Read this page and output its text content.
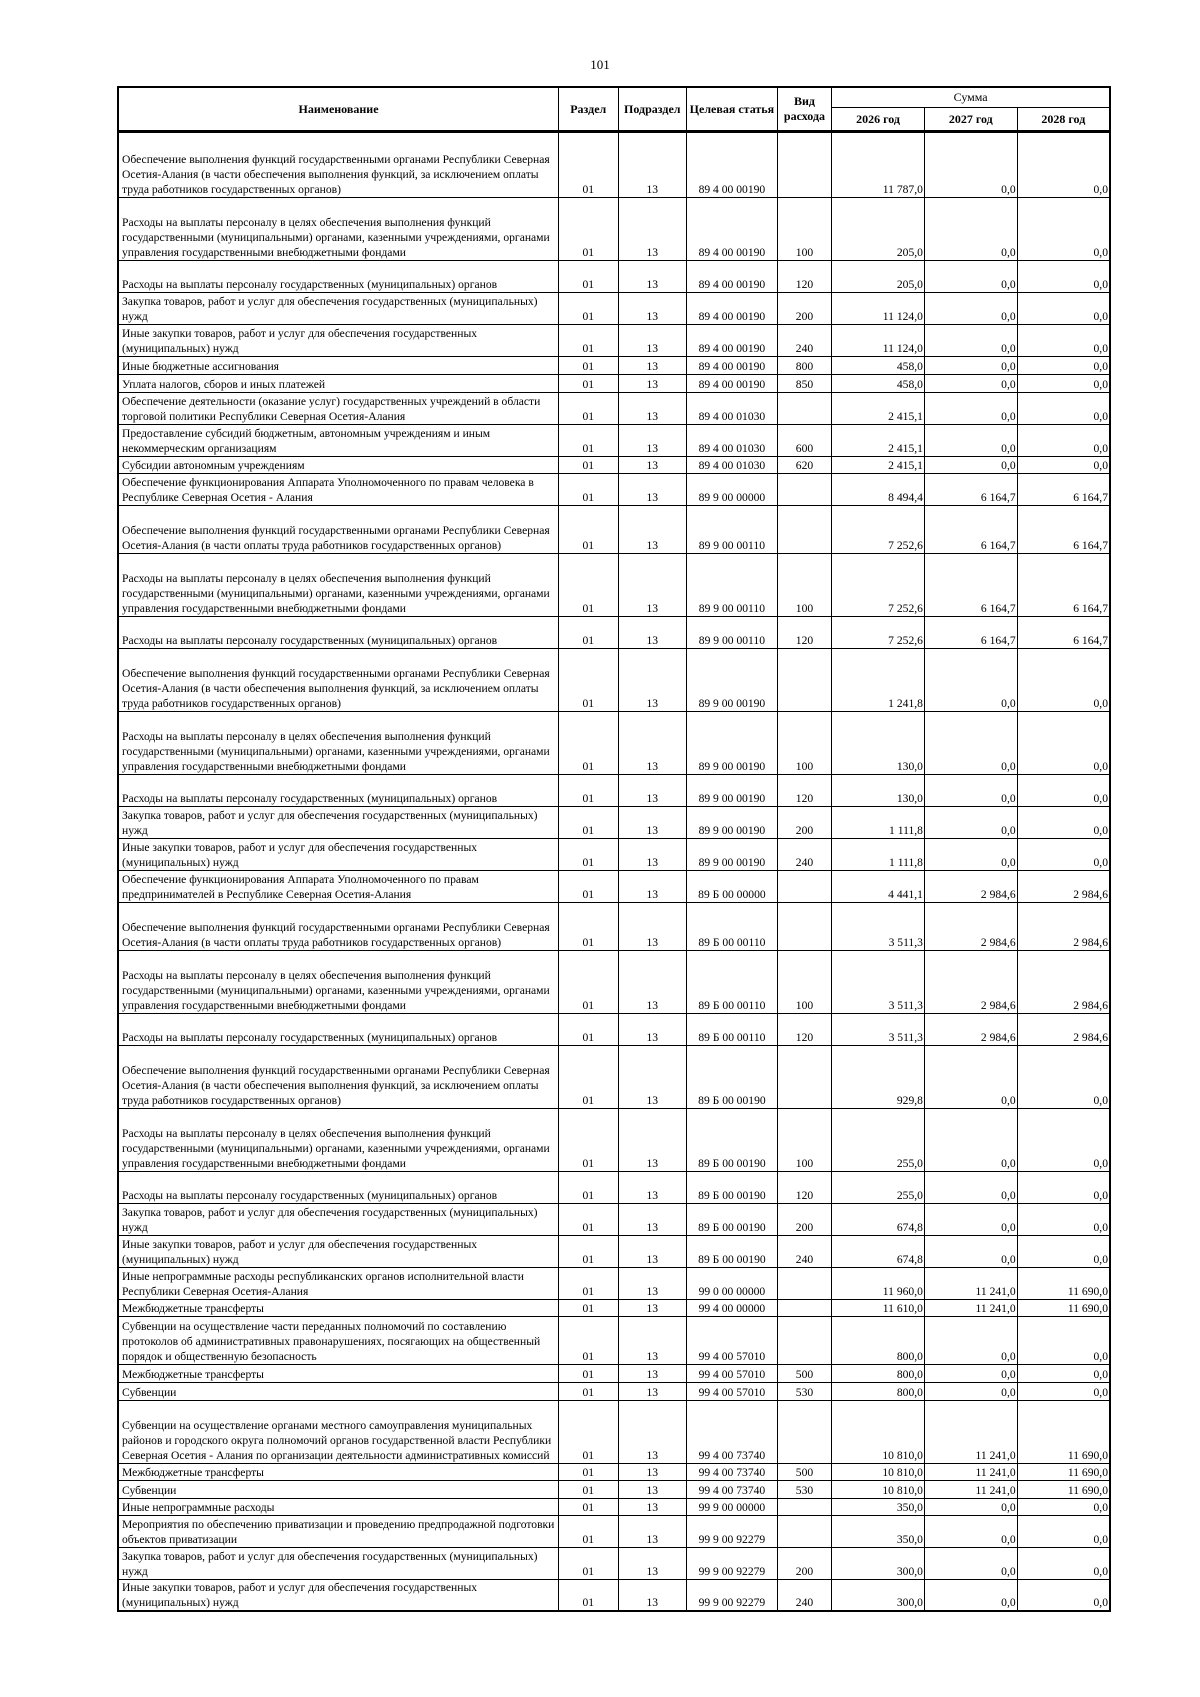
101
Наименование	Раздел	Подраздел	Целевая статья	Вид расхода	Сумма		
					2026 год	2027 год	2028 год
Обеспечение выполнения функций государственными органами Республики Северная Осетия-Алания (в части обеспечения выполнения функций, за исключением оплаты труда работников государственных органов)	01	13	89 4 00 00190		11 787,0	0,0	0,0
Расходы на выплаты персоналу в целях обеспечения выполнения функций государственными (муниципальными) органами, казенными учреждениями, органами управления государственными внебюджетными фондами	01	13	89 4 00 00190	100	205,0	0,0	0,0
Расходы на выплаты персоналу государственных (муниципальных) органов	01	13	89 4 00 00190	120	205,0	0,0	0,0
Закупка товаров, работ и услуг для обеспечения государственных (муниципальных) нужд	01	13	89 4 00 00190	200	11 124,0	0,0	0,0
Иные закупки товаров, работ и услуг для обеспечения государственных (муниципальных) нужд	01	13	89 4 00 00190	240	11 124,0	0,0	0,0
Иные бюджетные ассигнования	01	13	89 4 00 00190	800	458,0	0,0	0,0
Уплата налогов, сборов и иных платежей	01	13	89 4 00 00190	850	458,0	0,0	0,0
Обеспечение деятельности (оказание услуг) государственных учреждений в области торговой политики Республики Северная Осетия-Алания	01	13	89 4 00 01030		2 415,1	0,0	0,0
Предоставление субсидий бюджетным, автономным учреждениям и иным некоммерческим организациям	01	13	89 4 00 01030	600	2 415,1	0,0	0,0
Субсидии автономным учреждениям	01	13	89 4 00 01030	620	2 415,1	0,0	0,0
Обеспечение функционирования Аппарата Уполномоченного по правам человека в Республике Северная Осетия - Алания	01	13	89 9 00 00000		8 494,4	6 164,7	6 164,7
Обеспечение выполнения функций государственными органами Республики Северная Осетия-Алания (в части оплаты труда работников государственных органов)	01	13	89 9 00 00110		7 252,6	6 164,7	6 164,7
Расходы на выплаты персоналу в целях обеспечения выполнения функций государственными (муниципальными) органами, казенными учреждениями, органами управления государственными внебюджетными фондами	01	13	89 9 00 00110	100	7 252,6	6 164,7	6 164,7
Расходы на выплаты персоналу государственных (муниципальных) органов	01	13	89 9 00 00110	120	7 252,6	6 164,7	6 164,7
Обеспечение выполнения функций государственными органами Республики Северная Осетия-Алания (в части обеспечения выполнения функций, за исключением оплаты труда работников государственных органов)	01	13	89 9 00 00190		1 241,8	0,0	0,0
Расходы на выплаты персоналу в целях обеспечения выполнения функций государственными (муниципальными) органами, казенными учреждениями, органами управления государственными внебюджетными фондами	01	13	89 9 00 00190	100	130,0	0,0	0,0
Расходы на выплаты персоналу государственных (муниципальных) органов	01	13	89 9 00 00190	120	130,0	0,0	0,0
Закупка товаров, работ и услуг для обеспечения государственных (муниципальных) нужд	01	13	89 9 00 00190	200	1 111,8	0,0	0,0
Иные закупки товаров, работ и услуг для обеспечения государственных (муниципальных) нужд	01	13	89 9 00 00190	240	1 111,8	0,0	0,0
Обеспечение функционирования Аппарата Уполномоченного по правам предпринимателей в Республике Северная Осетия-Алания	01	13	89 Б 00 00000		4 441,1	2 984,6	2 984,6
Обеспечение выполнения функций государственными органами Республики Северная Осетия-Алания (в части оплаты труда работников государственных органов)	01	13	89 Б 00 00110		3 511,3	2 984,6	2 984,6
Расходы на выплаты персоналу в целях обеспечения выполнения функций государственными (муниципальными) органами, казенными учреждениями, органами управления государственными внебюджетными фондами	01	13	89 Б 00 00110	100	3 511,3	2 984,6	2 984,6
Расходы на выплаты персоналу государственных (муниципальных) органов	01	13	89 Б 00 00110	120	3 511,3	2 984,6	2 984,6
Обеспечение выполнения функций государственными органами Республики Северная Осетия-Алания (в части обеспечения выполнения функций, за исключением оплаты труда работников государственных органов)	01	13	89 Б 00 00190		929,8	0,0	0,0
Расходы на выплаты персоналу в целях обеспечения выполнения функций государственными (муниципальными) органами, казенными учреждениями, органами управления государственными внебюджетными фондами	01	13	89 Б 00 00190	100	255,0	0,0	0,0
Расходы на выплаты персоналу государственных (муниципальных) органов	01	13	89 Б 00 00190	120	255,0	0,0	0,0
Закупка товаров, работ и услуг для обеспечения государственных (муниципальных) нужд	01	13	89 Б 00 00190	200	674,8	0,0	0,0
Иные закупки товаров, работ и услуг для обеспечения государственных (муниципальных) нужд	01	13	89 Б 00 00190	240	674,8	0,0	0,0
Иные непрограммные расходы республиканских органов исполнительной власти Республики Северная Осетия-Алания	01	13	99 0 00 00000		11 960,0	11 241,0	11 690,0
Межбюджетные трансферты	01	13	99 4 00 00000		11 610,0	11 241,0	11 690,0
Субвенции на осуществление части переданных полномочий по составлению протоколов об административных правонарушениях, посягающих на общественный порядок и общественную безопасность	01	13	99 4 00 57010		800,0	0,0	0,0
Межбюджетные трансферты	01	13	99 4 00 57010	500	800,0	0,0	0,0
Субвенции	01	13	99 4 00 57010	530	800,0	0,0	0,0
Субвенции на осуществление органами местного самоуправления муниципальных районов и городского округа полномочий органов государственной власти Республики Северная Осетия - Алания по организации деятельности административных комиссий	01	13	99 4 00 73740		10 810,0	11 241,0	11 690,0
Межбюджетные трансферты	01	13	99 4 00 73740	500	10 810,0	11 241,0	11 690,0
Субвенции	01	13	99 4 00 73740	530	10 810,0	11 241,0	11 690,0
Иные непрограммные расходы	01	13	99 9 00 00000		350,0	0,0	0,0
Мероприятия по обеспечению приватизации и проведению предпродажной подготовки объектов приватизации	01	13	99 9 00 92279		350,0	0,0	0,0
Закупка товаров, работ и услуг для обеспечения государственных (муниципальных) нужд	01	13	99 9 00 92279	200	300,0	0,0	0,0
Иные закупки товаров, работ и услуг для обеспечения государственных (муниципальных) нужд	01	13	99 9 00 92279	240	300,0	0,0	0,0
